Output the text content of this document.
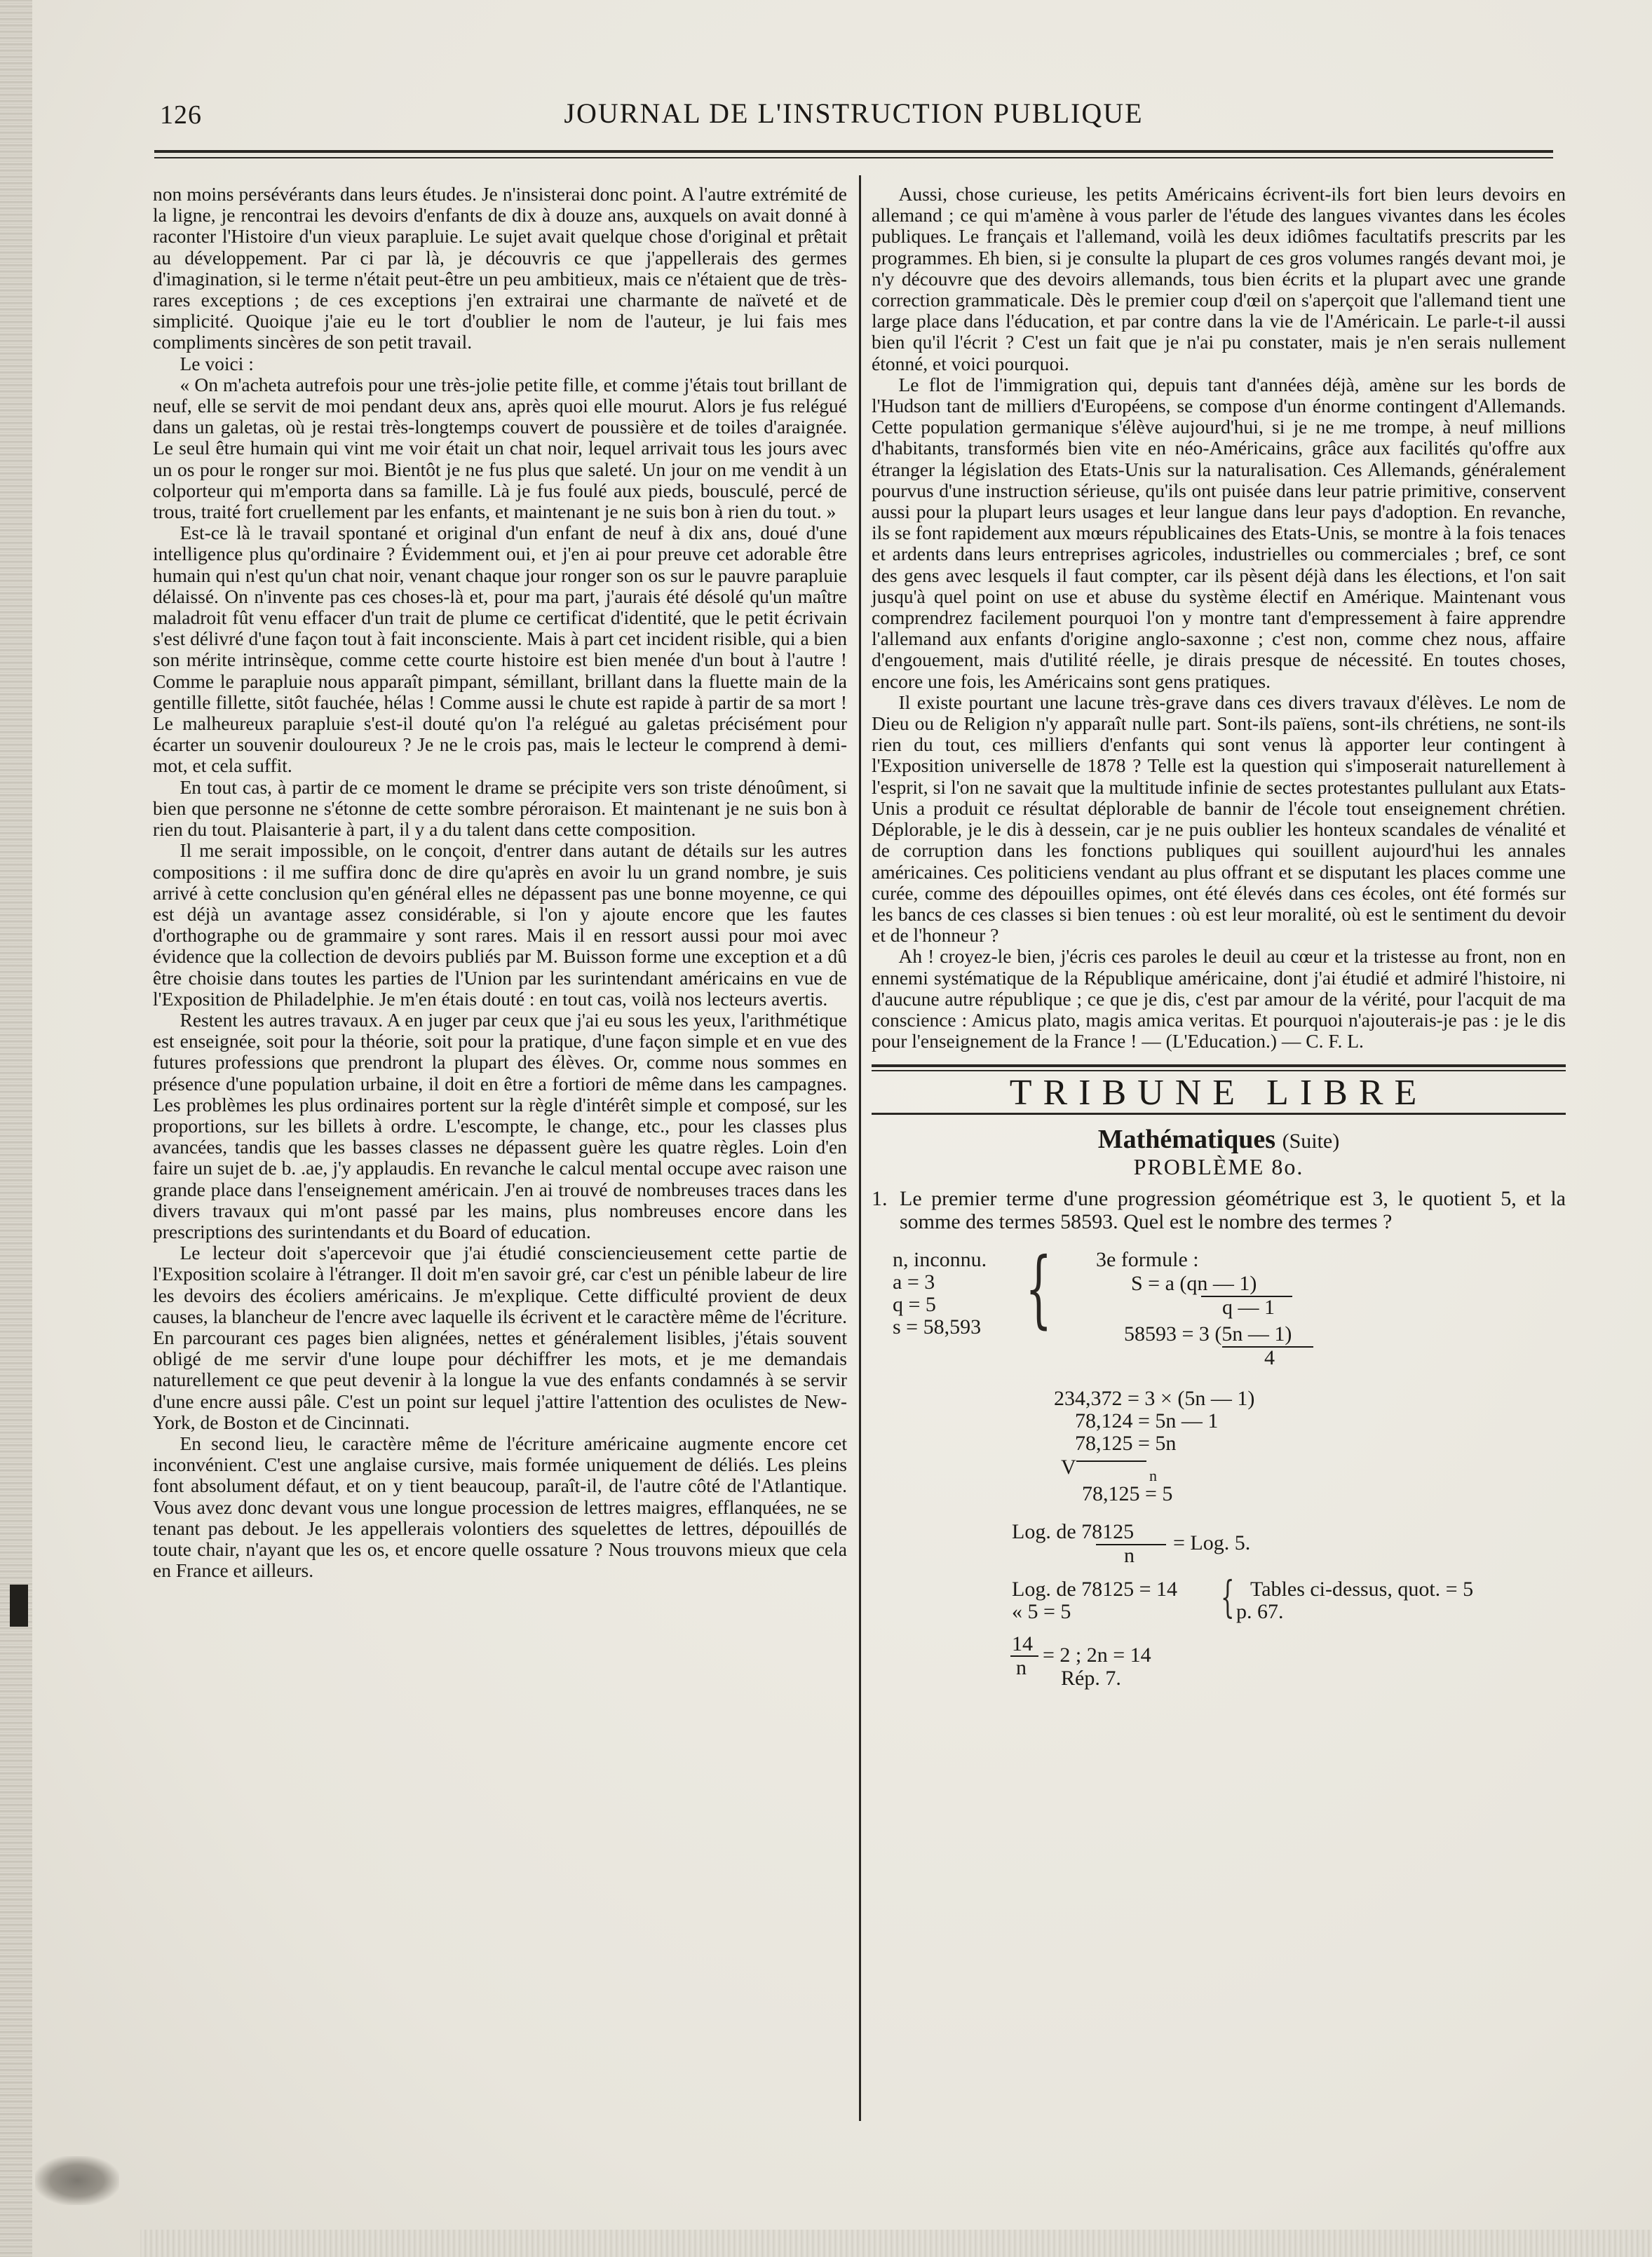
126	JOURNAL DE L'INSTRUCTION PUBLIQUE

non moins persévérants dans leurs études. Je n'insisterai donc point. A l'autre extrémité de la ligne, je rencontrai les devoirs d'enfants de dix à douze ans, auxquels on avait donné à raconter l'Histoire d'un vieux parapluie. Le sujet avait quelque chose d'original et prêtait au développement. Par ci par là, je découvris ce que j'appellerais des germes d'imagination, si le terme n'était peut-être un peu ambitieux, mais ce n'étaient que de très-rares exceptions ; de ces exceptions j'en extrairai une charmante de naïveté et de simplicité. Quoique j'aie eu le tort d'oublier le nom de l'auteur, je lui fais mes compliments sincères de son petit travail.

Le voici :

« On m'acheta autrefois pour une très-jolie petite fille, et comme j'étais tout brillant de neuf, elle se servit de moi pendant deux ans, après quoi elle mourut. Alors je fus relégué dans un galetas, où je restai très-longtemps couvert de poussière et de toiles d'araignée. Le seul être humain qui vint me voir était un chat noir, lequel arrivait tous les jours avec un os pour le ronger sur moi. Bientôt je ne fus plus que saleté. Un jour on me vendit à un colporteur qui m'emporta dans sa famille. Là je fus foulé aux pieds, bousculé, percé de trous, traité fort cruellement par les enfants, et maintenant je ne suis bon à rien du tout. »

Est-ce là le travail spontané et original d'un enfant de neuf à dix ans, doué d'une intelligence plus qu'ordinaire ? Évidemment oui, et j'en ai pour preuve cet adorable être humain qui n'est qu'un chat noir, venant chaque jour ronger son os sur le pauvre parapluie délaissé. On n'invente pas ces choses-là et, pour ma part, j'aurais été désolé qu'un maître maladroit fût venu effacer d'un trait de plume ce certificat d'identité, que le petit écrivain s'est délivré d'une façon tout à fait inconsciente. Mais à part cet incident risible, qui a bien son mérite intrinsèque, comme cette courte histoire est bien menée d'un bout à l'autre ! Comme le parapluie nous apparaît pimpant, sémillant, brillant dans la fluette main de la gentille fillette, sitôt fauchée, hélas ! Comme aussi le chute est rapide à partir de sa mort ! Le malheureux parapluie s'est-il douté qu'on l'a relégué au galetas précisément pour écarter un souvenir douloureux ? Je ne le crois pas, mais le lecteur le comprend à demi-mot, et cela suffit.

En tout cas, à partir de ce moment le drame se précipite vers son triste dénoûment, si bien que personne ne s'étonne de cette sombre péroraison. Et maintenant je ne suis bon à rien du tout. Plaisanterie à part, il y a du talent dans cette composition.

Il me serait impossible, on le conçoit, d'entrer dans autant de détails sur les autres compositions : il me suffira donc de dire qu'après en avoir lu un grand nombre, je suis arrivé à cette conclusion qu'en général elles ne dépassent pas une bonne moyenne, ce qui est déjà un avantage assez considérable, si l'on y ajoute encore que les fautes d'orthographe ou de grammaire y sont rares. Mais il en ressort aussi pour moi avec évidence que la collection de devoirs publiés par M. Buisson forme une exception et a dû être choisie dans toutes les parties de l'Union par les surintendant américains en vue de l'Exposition de Philadelphie. Je m'en étais douté : en tout cas, voilà nos lecteurs avertis.

Restent les autres travaux. A en juger par ceux que j'ai eu sous les yeux, l'arithmétique est enseignée, soit pour la théorie, soit pour la pratique, d'une façon simple et en vue des futures professions que prendront la plupart des élèves. Or, comme nous sommes en présence d'une population urbaine, il doit en être a fortiori de même dans les campagnes. Les problèmes les plus ordinaires portent sur la règle d'intérêt simple et composé, sur les proportions, sur les billets à ordre. L'escompte, le change, etc., pour les classes plus avancées, tandis que les basses classes ne dépassent guère les quatre règles. Loin d'en faire un sujet de b. .ae, j'y applaudis. En revanche le calcul mental occupe avec raison une grande place dans l'enseignement américain. J'en ai trouvé de nombreuses traces dans les divers travaux qui m'ont passé par les mains, plus nombreuses encore dans les prescriptions des surintendants et du Board of education.

Le lecteur doit s'apercevoir que j'ai étudié consciencieusement cette partie de l'Exposition scolaire à l'étranger. Il doit m'en savoir gré, car c'est un pénible labeur de lire les devoirs des écoliers américains. Je m'explique. Cette difficulté provient de deux causes, la blancheur de l'encre avec laquelle ils écrivent et le caractère même de l'écriture. En parcourant ces pages bien alignées, nettes et généralement lisibles, j'étais souvent obligé de me servir d'une loupe pour déchiffrer les mots, et je me demandais naturellement ce que peut devenir à la longue la vue des enfants condamnés à se servir d'une encre aussi pâle. C'est un point sur lequel j'attire l'attention des oculistes de New-York, de Boston et de Cincinnati.

En second lieu, le caractère même de l'écriture américaine augmente encore cet inconvénient. C'est une anglaise cursive, mais formée uniquement de déliés. Les pleins font absolument défaut, et on y tient beaucoup, paraît-il, de l'autre côté de l'Atlantique. Vous avez donc devant vous une longue procession de lettres maigres, efflanquées, ne se tenant pas debout. Je les appellerais volontiers des squelettes de lettres, dépouillés de toute chair, n'ayant que les os, et encore quelle ossature ? Nous trouvons mieux que cela en France et ailleurs.

Aussi, chose curieuse, les petits Américains écrivent-ils fort bien leurs devoirs en allemand ; ce qui m'amène à vous parler de l'étude des langues vivantes dans les écoles publiques. Le français et l'allemand, voilà les deux idiômes facultatifs prescrits par les programmes. Eh bien, si je consulte la plupart de ces gros volumes rangés devant moi, je n'y découvre que des devoirs allemands, tous bien écrits et la plupart avec une grande correction grammaticale. Dès le premier coup d'œil on s'aperçoit que l'allemand tient une large place dans l'éducation, et par contre dans la vie de l'Américain. Le parle-t-il aussi bien qu'il l'écrit ? C'est un fait que je n'ai pu constater, mais je n'en serais nullement étonné, et voici pourquoi.

Le flot de l'immigration qui, depuis tant d'années déjà, amène sur les bords de l'Hudson tant de milliers d'Européens, se compose d'un énorme contingent d'Allemands. Cette population germanique s'élève aujourd'hui, si je ne me trompe, à neuf millions d'habitants, transformés bien vite en néo-Américains, grâce aux facilités qu'offre aux étranger la législation des Etats-Unis sur la naturalisation. Ces Allemands, généralement pourvus d'une instruction sérieuse, qu'ils ont puisée dans leur patrie primitive, conservent aussi pour la plupart leurs usages et leur langue dans leur pays d'adoption. En revanche, ils se font rapidement aux mœurs républicaines des Etats-Unis, se montre à la fois tenaces et ardents dans leurs entreprises agricoles, industrielles ou commerciales ; bref, ce sont des gens avec lesquels il faut compter, car ils pèsent déjà dans les élections, et l'on sait jusqu'à quel point on use et abuse du système électif en Amérique. Maintenant vous comprendrez facilement pourquoi l'on y montre tant d'empressement à faire apprendre l'allemand aux enfants d'origine anglo-saxonne ; c'est non, comme chez nous, affaire d'engouement, mais d'utilité réelle, je dirais presque de nécessité. En toutes choses, encore une fois, les Américains sont gens pratiques.

Il existe pourtant une lacune très-grave dans ces divers travaux d'élèves. Le nom de Dieu ou de Religion n'y apparaît nulle part. Sont-ils païens, sont-ils chrétiens, ne sont-ils rien du tout, ces milliers d'enfants qui sont venus là apporter leur contingent à l'Exposition universelle de 1878 ? Telle est la question qui s'imposerait naturellement à l'esprit, si l'on ne savait que la multitude infinie de sectes protestantes pullulant aux Etats-Unis a produit ce résultat déplorable de bannir de l'école tout enseignement chrétien. Déplorable, je le dis à dessein, car je ne puis oublier les honteux scandales de vénalité et de corruption dans les fonctions publiques qui souillent aujourd'hui les annales américaines. Ces politiciens vendant au plus offrant et se disputant les places comme une curée, comme des dépouilles opimes, ont été élevés dans ces écoles, ont été formés sur les bancs de ces classes si bien tenues : où est leur moralité, où est le sentiment du devoir et de l'honneur ?

Ah ! croyez-le bien, j'écris ces paroles le deuil au cœur et la tristesse au front, non en ennemi systématique de la République américaine, dont j'ai étudié et admiré l'histoire, ni d'aucune autre république ; ce que je dis, c'est par amour de la vérité, pour l'acquit de ma conscience : Amicus plato, magis amica veritas. Et pourquoi n'ajouterais-je pas : je le dis pour l'enseignement de la France ! — (L'Education.) — C. F. L.

TRIBUNE LIBRE
Mathématiques (Suite)
PROBLÈME 8o.
1. Le premier terme d'une progression géométrique est 3, le quotient 5, et la somme des termes 58593. Quel est le nombre des termes ?
n, inconnu.
a = 3
q = 5
s = 58,593 { 3e formule :
S = a (qn — 1)
q — 1
58593 = 3 (5n — 1)
4
234,372 = 3 × (5n — 1)
78,124 = 5n — 1
78,125 = 5n
V	n
78,125 = 5
Log. de 78125
n
= Log. 5.
Log. de 78125 = 14
« 5 = 5	{ Tables ci-dessus, quot. = 5
p. 67.
14
n
= 2 ; 2n = 14
Rép. 7.
